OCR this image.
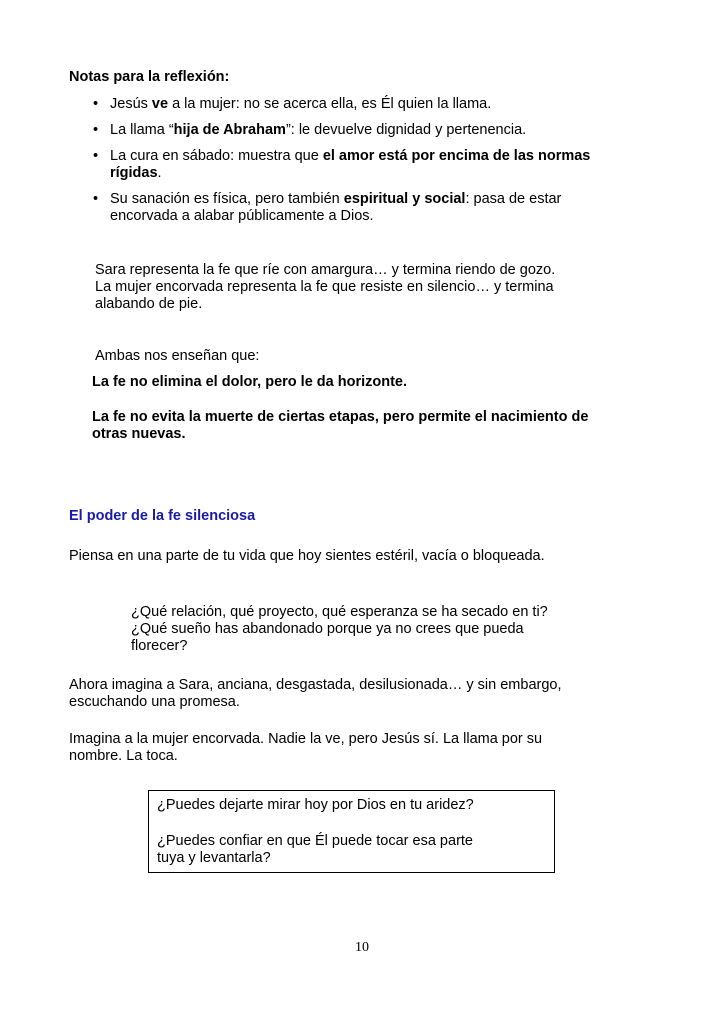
Notas para la reflexión:
• Jesús ve a la mujer: no se acerca ella, es Él quien la llama.
• La llama “hija de Abraham”: le devuelve dignidad y pertenencia.
• La cura en sábado: muestra que el amor está por encima de las normas
rígidas.
• Su sanación es física, pero también espiritual y social: pasa de estar
encorvada a alabar públicamente a Dios.
Sara representa la fe que ríe con amargura… y termina riendo de gozo.
La mujer encorvada representa la fe que resiste en silencio… y termina
alabando de pie.
Ambas nos enseñan que:
La fe no elimina el dolor, pero le da horizonte.
La fe no evita la muerte de ciertas etapas, pero permite el nacimiento de
otras nuevas.
El poder de la fe silenciosa
Piensa en una parte de tu vida que hoy sientes estéril, vacía o bloqueada.
¿Qué relación, qué proyecto, qué esperanza se ha secado en ti?
¿Qué sueño has abandonado porque ya no crees que pueda
florecer?
Ahora imagina a Sara, anciana, desgastada, desilusionada… y sin embargo,
escuchando una promesa.
Imagina a la mujer encorvada. Nadie la ve, pero Jesús sí. La llama por su
nombre. La toca.
¿Puedes dejarte mirar hoy por Dios en tu aridez?
¿Puedes confiar en que Él puede tocar esa parte
tuya y levantarla?
10
